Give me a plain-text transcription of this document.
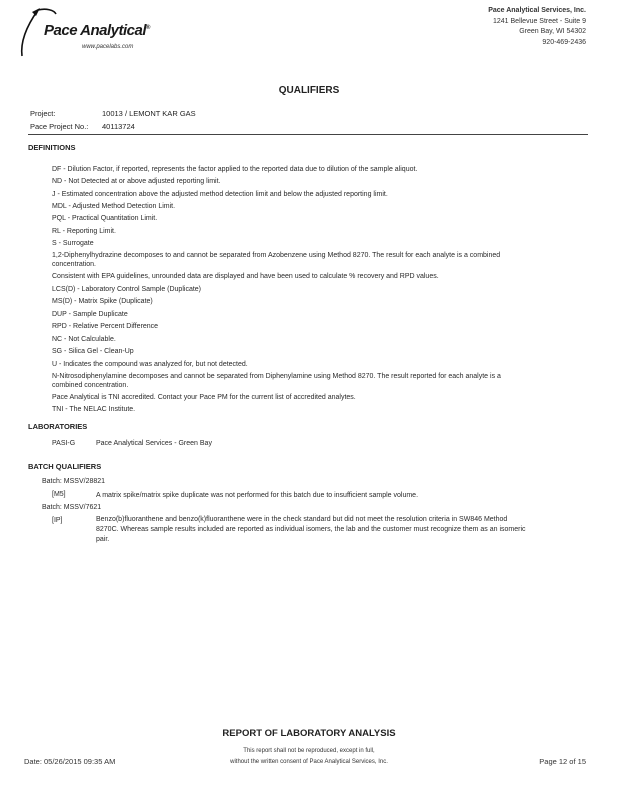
Pace Analytical®
www.pacelabs.com
Pace Analytical Services, Inc.
1241 Bellevue Street - Suite 9
Green Bay, WI 54302
920-469-2436
QUALIFIERS
Project:	10013 / LEMONT KAR GAS
Pace Project No.: 40113724
DEFINITIONS
DF - Dilution Factor, if reported, represents the factor applied to the reported data due to dilution of the sample aliquot.
ND - Not Detected at or above adjusted reporting limit.
J - Estimated concentration above the adjusted method detection limit and below the adjusted reporting limit.
MDL - Adjusted Method Detection Limit.
PQL - Practical Quantitation Limit.
RL - Reporting Limit.
S - Surrogate
1,2-Diphenylhydrazine decomposes to and cannot be separated from Azobenzene using Method 8270. The result for each analyte is a combined concentration.
Consistent with EPA guidelines, unrounded data are displayed and have been used to calculate % recovery and RPD values.
LCS(D) - Laboratory Control Sample (Duplicate)
MS(D) - Matrix Spike (Duplicate)
DUP - Sample Duplicate
RPD - Relative Percent Difference
NC - Not Calculable.
SG - Silica Gel - Clean-Up
U - Indicates the compound was analyzed for, but not detected.
N-Nitrosodiphenylamine decomposes and cannot be separated from Diphenylamine using Method 8270. The result reported for each analyte is a combined concentration.
Pace Analytical is TNI accredited. Contact your Pace PM for the current list of accredited analytes.
TNI - The NELAC Institute.
LABORATORIES
PASI-G	Pace Analytical Services - Green Bay
BATCH QUALIFIERS
Batch: MSSV/28821
[M5]	A matrix spike/matrix spike duplicate was not performed for this batch due to insufficient sample volume.
Batch: MSSV/7621
[IP]	Benzo(b)fluoranthene and benzo(k)fluoranthene were in the check standard but did not meet the resolution criteria in SW846 Method 8270C. Whereas sample results included are reported as individual isomers, the lab and the customer must recognize them as an isomeric pair.
REPORT OF LABORATORY ANALYSIS
This report shall not be reproduced, except in full,
without the written consent of Pace Analytical Services, Inc.
Date: 05/26/2015 09:35 AM	Page 12 of 15
